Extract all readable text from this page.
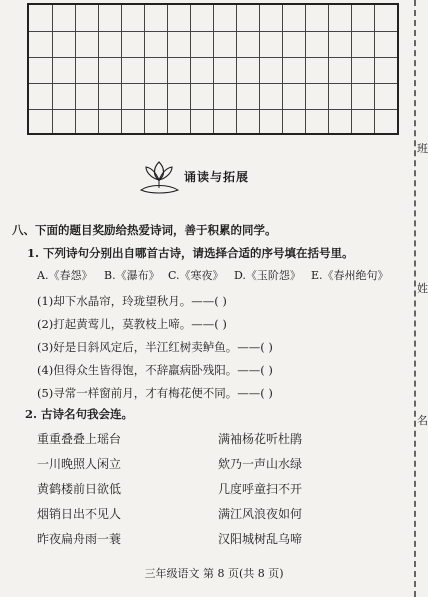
班
姓
名
诵读与拓展
八、下面的题目奖励给热爱诗词，善于积累的同学。
1. 下列诗句分别出自哪首古诗，请选择合适的序号填在括号里。
A.《春怨》 B.《瀑布》 C.《寒夜》 D.《玉阶怨》 E.《春州绝句》
(1)却下水晶帘，玲珑望秋月。——( )
(2)打起黄莺儿，莫教枝上啼。——( )
(3)好是日斜风定后，半江红树卖鲈鱼。——( )
(4)但得众生皆得饱，不辞羸病卧残阳。——( )
(5)寻常一样窗前月，才有梅花便不同。——( )
2. 古诗名句我会连。
重重叠叠上瑶台
一川晚照人闲立
黄鹤楼前日欲低
烟销日出不见人
昨夜扁舟雨一蓑
满袖杨花听杜鹃
欸乃一声山水绿
几度呼童扫不开
满江风浪夜如何
汉阳城树乱乌啼
三年级语文 第 8 页(共 8 页)
